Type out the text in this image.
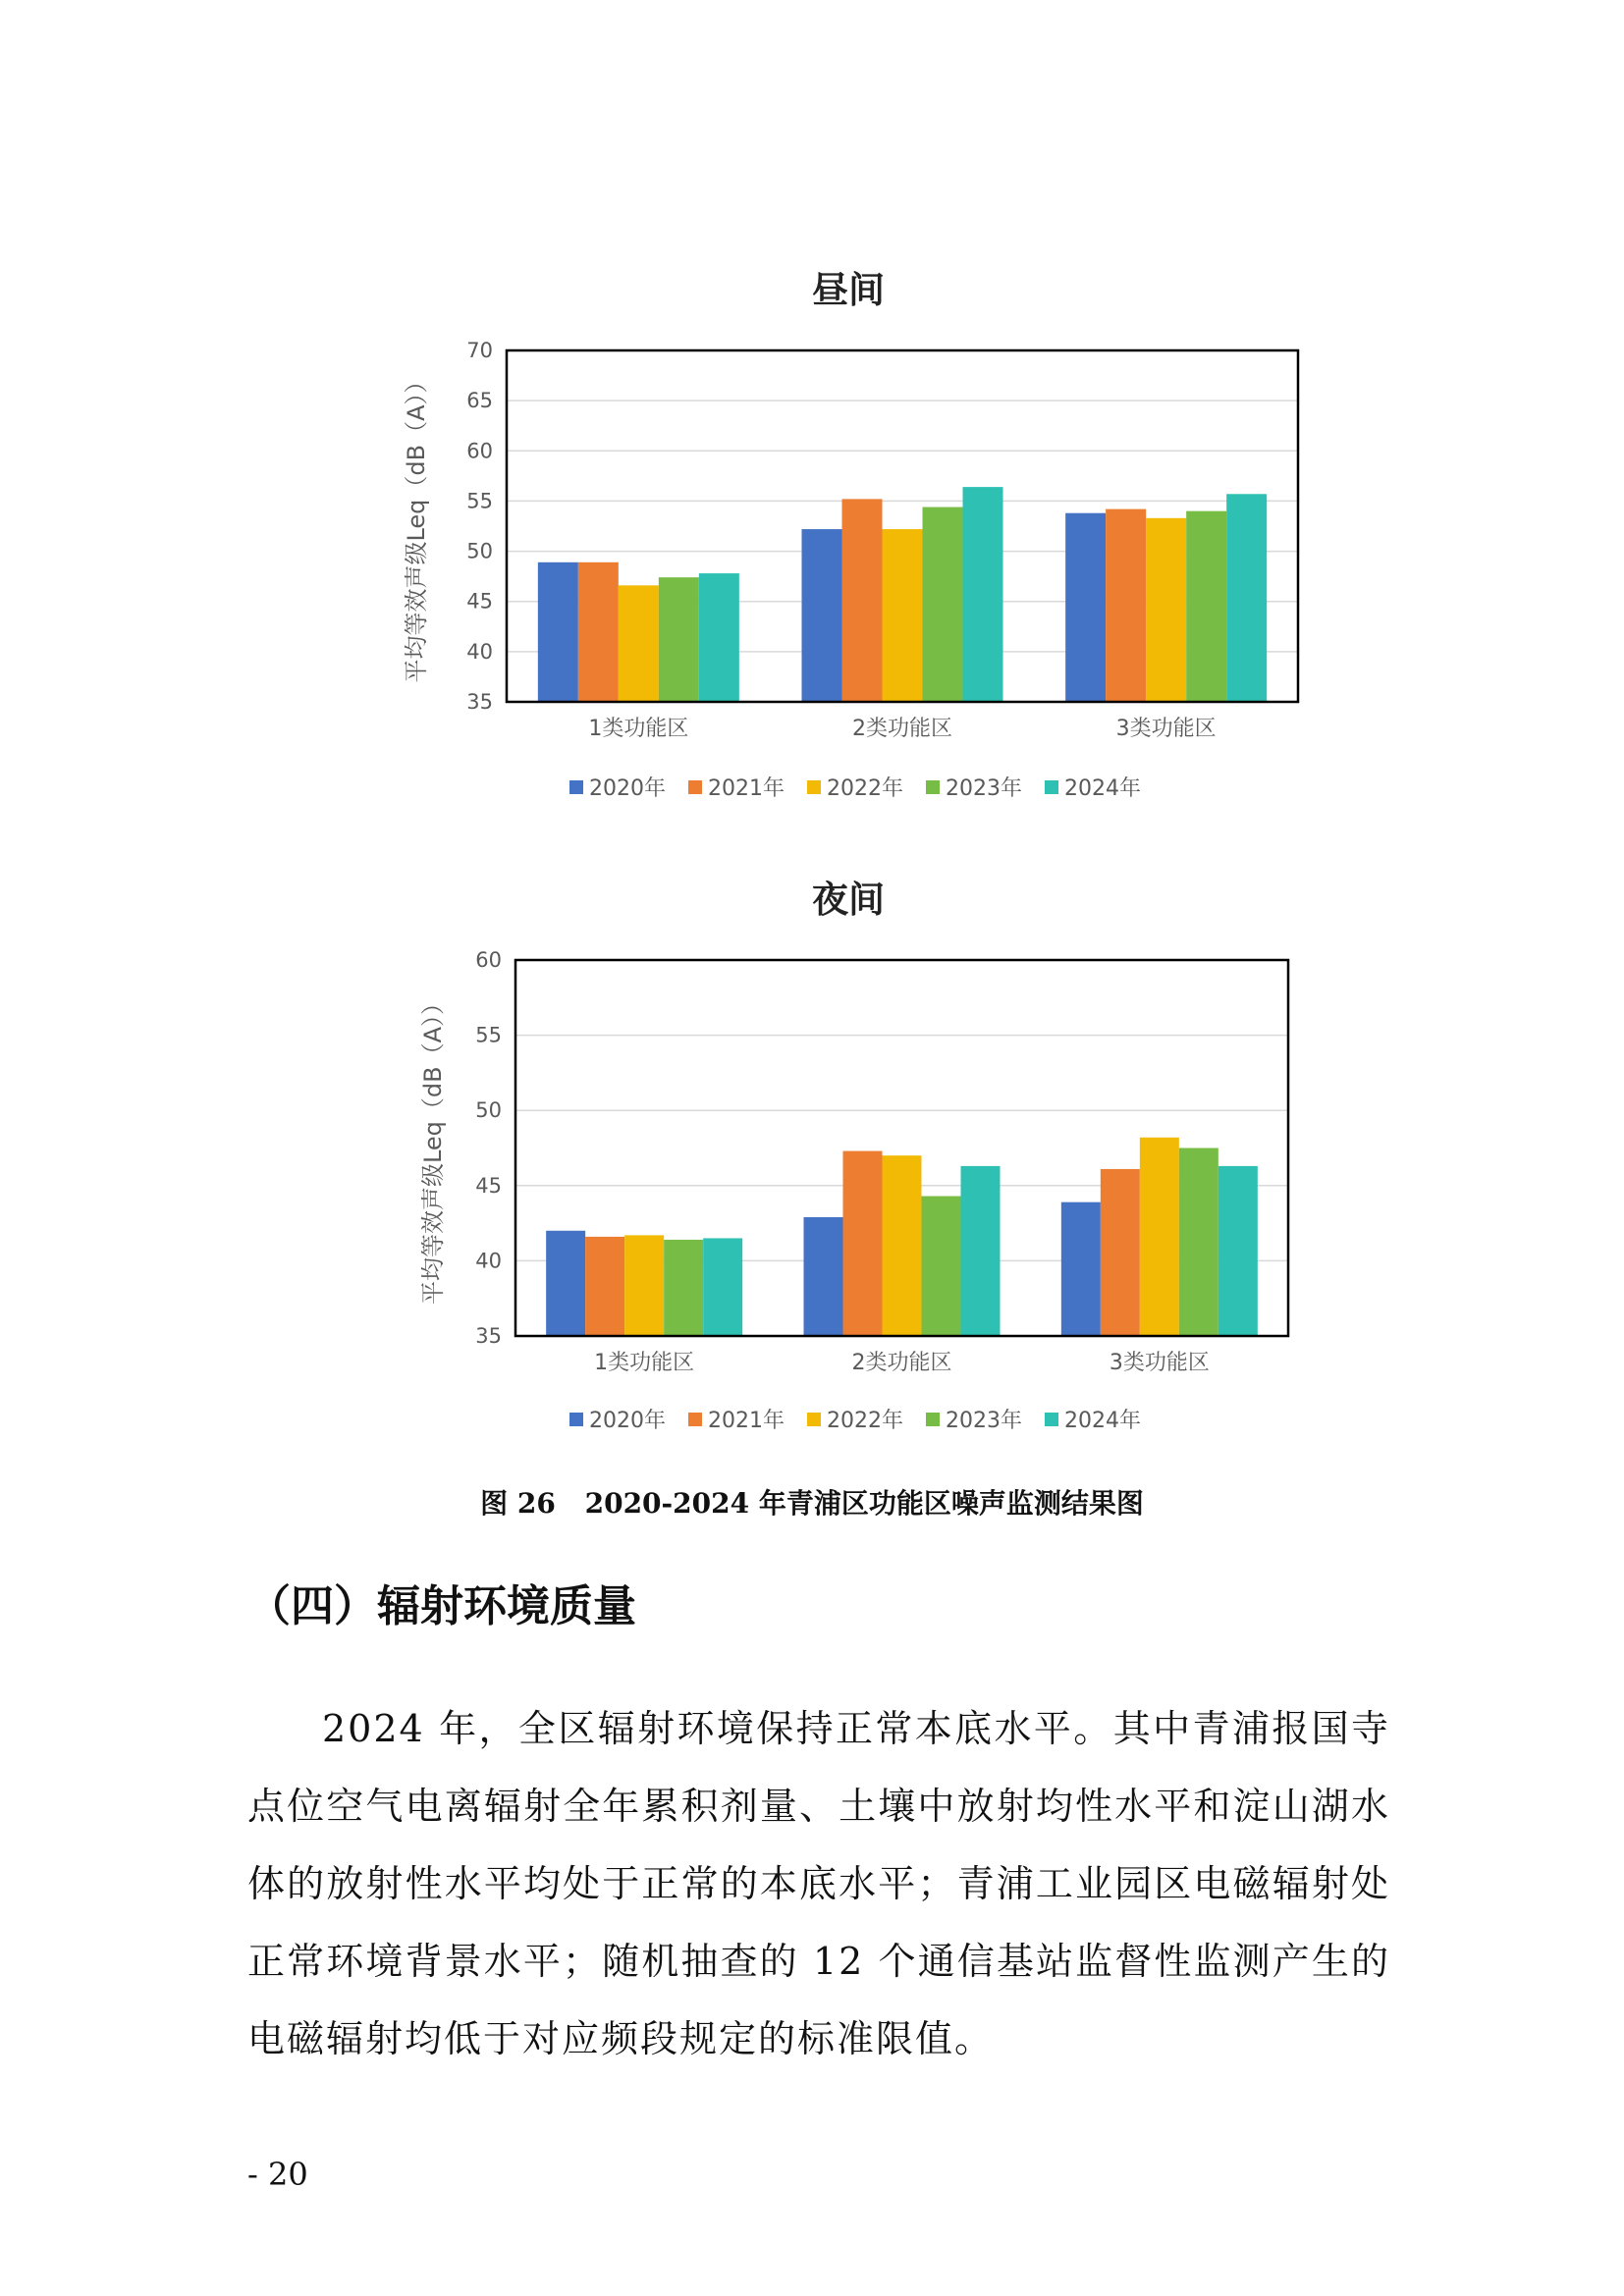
昼间
35
40
45
50
55
60
65
70
1类功能区	2类功能区	3类功能区
平均等效声级Leq（dB（A））
2020年 2021年 2022年 2023年 2024年
夜间
35
40
45
50
55
60
1类功能区	2类功能区	3类功能区
平均等效声级Leq（dB（A））
2020年 2021年 2022年 2023年 2024年
图 26 2020-2024 年青浦区功能区噪声监测结果图
（四）辐射环境质量
2024 年，全区辐射环境保持正常本底水平。其中青浦报国寺点位空气电离辐射全年累积剂量、土壤中放射均性水平和淀山湖水体的放射性水平均处于正常的本底水平；青浦工业园区电磁辐射处正常环境背景水平；随机抽查的 12 个通信基站监督性监测产生的电磁辐射均低于对应频段规定的标准限值。
- 20
